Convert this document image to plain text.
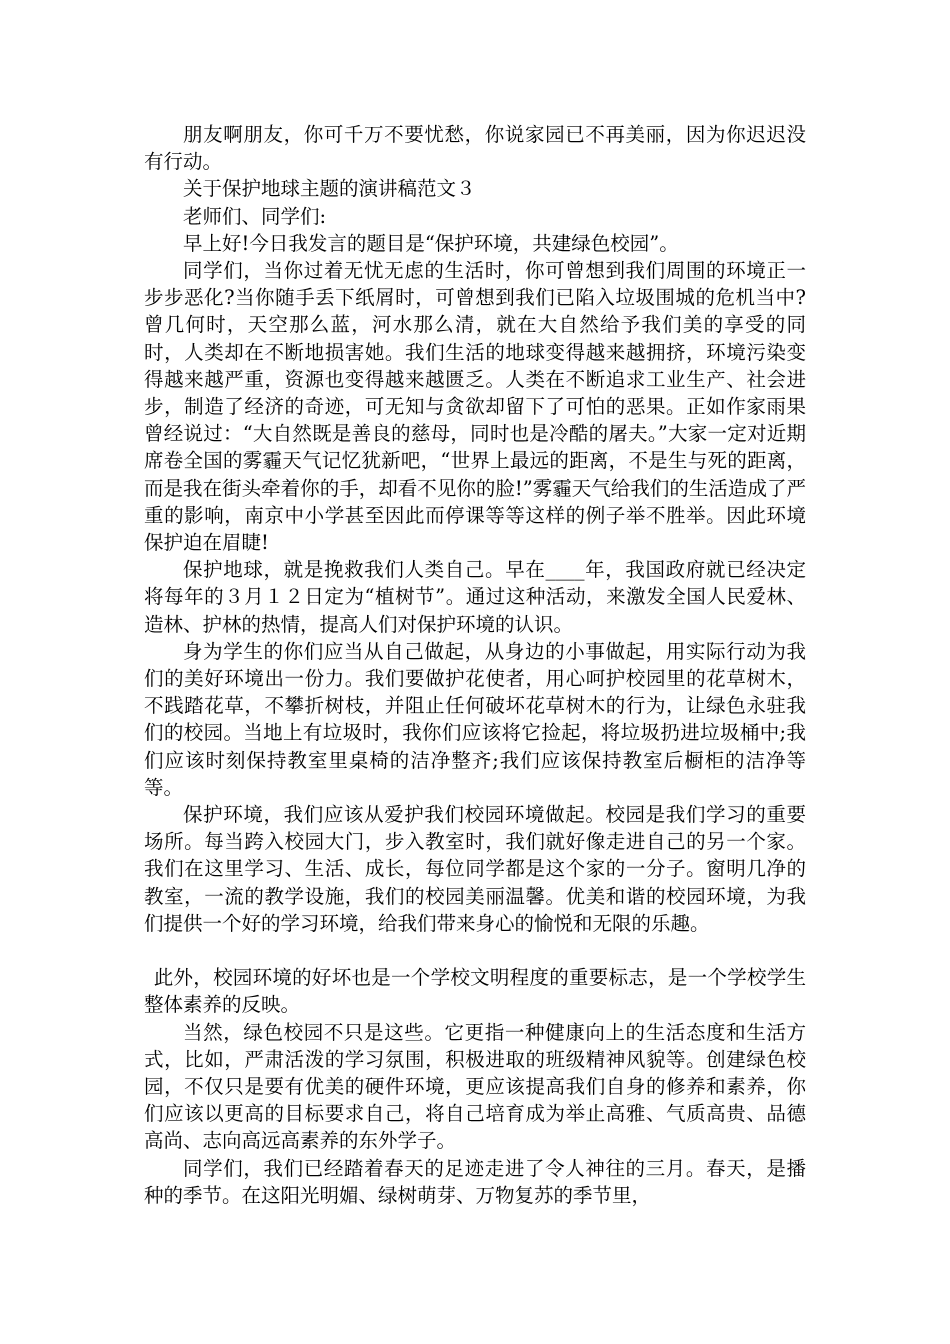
朋友啊朋友，你可千万不要忧愁，你说家园已不再美丽，因为你迟迟没有行动。

关于保护地球主题的演讲稿范文３

老师们、同学们:

早上好!今日我发言的题目是“保护环境，共建绿色校园”。

同学们，当你过着无忧无虑的生活时，你可曾想到我们周围的环境正一步步恶化?当你随手丢下纸屑时，可曾想到我们已陷入垃圾围城的危机当中?曾几何时，天空那么蓝，河水那么清，就在大自然给予我们美的享受的同时，人类却在不断地损害她。我们生活的地球变得越来越拥挤，环境污染变得越来越严重，资源也变得越来越匮乏。人类在不断追求工业生产、社会进步，制造了经济的奇迹，可无知与贪欲却留下了可怕的恶果。正如作家雨果曾经说过：“大自然既是善良的慈母，同时也是冷酷的屠夫。”大家一定对近期席卷全国的雾霾天气记忆犹新吧，“世界上最远的距离，不是生与死的距离，而是我在街头牵着你的手，却看不见你的脸!”雾霾天气给我们的生活造成了严重的影响，南京中小学甚至因此而停课等等这样的例子举不胜举。因此环境保护迫在眉睫!

保护地球，就是挽救我们人类自己。早在____年，我国政府就已经决定将每年的３月１２日定为“植树节”。通过这种活动，来激发全国人民爱林、造林、护林的热情，提高人们对保护环境的认识。

身为学生的你们应当从自己做起，从身边的小事做起，用实际行动为我们的美好环境出一份力。我们要做护花使者，用心呵护校园里的花草树木，不践踏花草，不攀折树枝，并阻止任何破坏花草树木的行为，让绿色永驻我们的校园。当地上有垃圾时，我你们应该将它捡起，将垃圾扔进垃圾桶中;我们应该时刻保持教室里桌椅的洁净整齐;我们应该保持教室后橱柜的洁净等等。

保护环境，我们应该从爱护我们校园环境做起。校园是我们学习的重要场所。每当跨入校园大门，步入教室时，我们就好像走进自己的另一个家。我们在这里学习、生活、成长，每位同学都是这个家的一分子。窗明几净的教室，一流的教学设施，我们的校园美丽温馨。优美和谐的校园环境，为我们提供一个好的学习环境，给我们带来身心的愉悦和无限的乐趣。

此外，校园环境的好坏也是一个学校文明程度的重要标志，是一个学校学生整体素养的反映。

当然，绿色校园不只是这些。它更指一种健康向上的生活态度和生活方式，比如，严肃活泼的学习氛围，积极进取的班级精神风貌等。创建绿色校园，不仅只是要有优美的硬件环境，更应该提高我们自身的修养和素养，你们应该以更高的目标要求自己，将自己培育成为举止高雅、气质高贵、品德高尚、志向高远高素养的东外学子。

同学们，我们已经踏着春天的足迹走进了令人神往的三月。春天，是播种的季节。在这阳光明媚、绿树萌芽、万物复苏的季节里，
